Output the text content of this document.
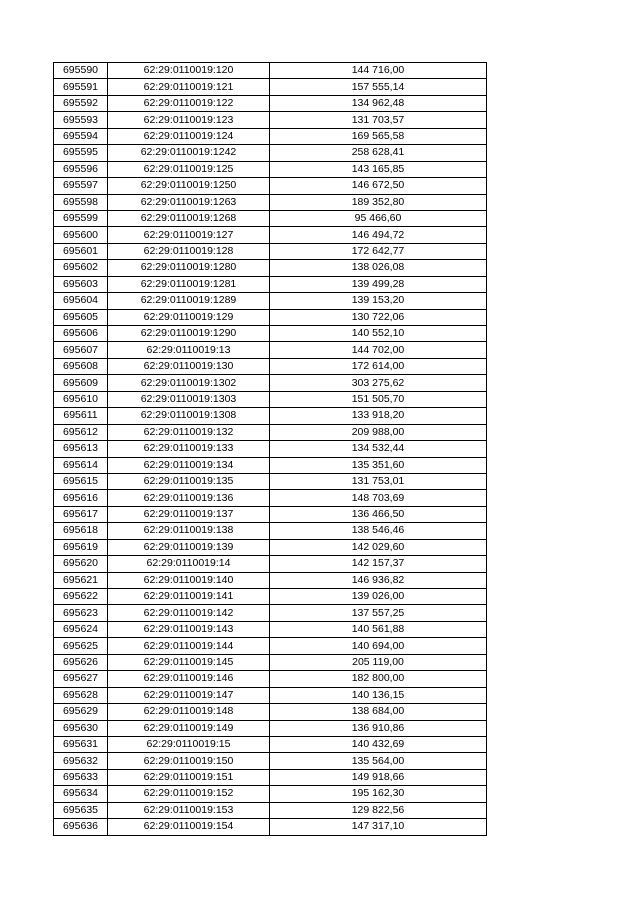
695590	62:29:0110019:120	144 716,00
695591	62:29:0110019:121	157 555,14
695592	62:29:0110019:122	134 962,48
695593	62:29:0110019:123	131 703,57
695594	62:29:0110019:124	169 565,58
695595	62:29:0110019:1242	258 628,41
695596	62:29:0110019:125	143 165,85
695597	62:29:0110019:1250	146 672,50
695598	62:29:0110019:1263	189 352,80
695599	62:29:0110019:1268	95 466,60
695600	62:29:0110019:127	146 494,72
695601	62:29:0110019:128	172 642,77
695602	62:29:0110019:1280	138 026,08
695603	62:29:0110019:1281	139 499,28
695604	62:29:0110019:1289	139 153,20
695605	62:29:0110019:129	130 722,06
695606	62:29:0110019:1290	140 552,10
695607	62:29:0110019:13	144 702,00
695608	62:29:0110019:130	172 614,00
695609	62:29:0110019:1302	303 275,62
695610	62:29:0110019:1303	151 505,70
695611	62:29:0110019:1308	133 918,20
695612	62:29:0110019:132	209 988,00
695613	62:29:0110019:133	134 532,44
695614	62:29:0110019:134	135 351,60
695615	62:29:0110019:135	131 753,01
695616	62:29:0110019:136	148 703,69
695617	62:29:0110019:137	136 466,50
695618	62:29:0110019:138	138 546,46
695619	62:29:0110019:139	142 029,60
695620	62:29:0110019:14	142 157,37
695621	62:29:0110019:140	146 936,82
695622	62:29:0110019:141	139 026,00
695623	62:29:0110019:142	137 557,25
695624	62:29:0110019:143	140 561,88
695625	62:29:0110019:144	140 694,00
695626	62:29:0110019:145	205 119,00
695627	62:29:0110019:146	182 800,00
695628	62:29:0110019:147	140 136,15
695629	62:29:0110019:148	138 684,00
695630	62:29:0110019:149	136 910,86
695631	62:29:0110019:15	140 432,69
695632	62:29:0110019:150	135 564,00
695633	62:29:0110019:151	149 918,66
695634	62:29:0110019:152	195 162,30
695635	62:29:0110019:153	129 822,56
695636	62:29:0110019:154	147 317,10
